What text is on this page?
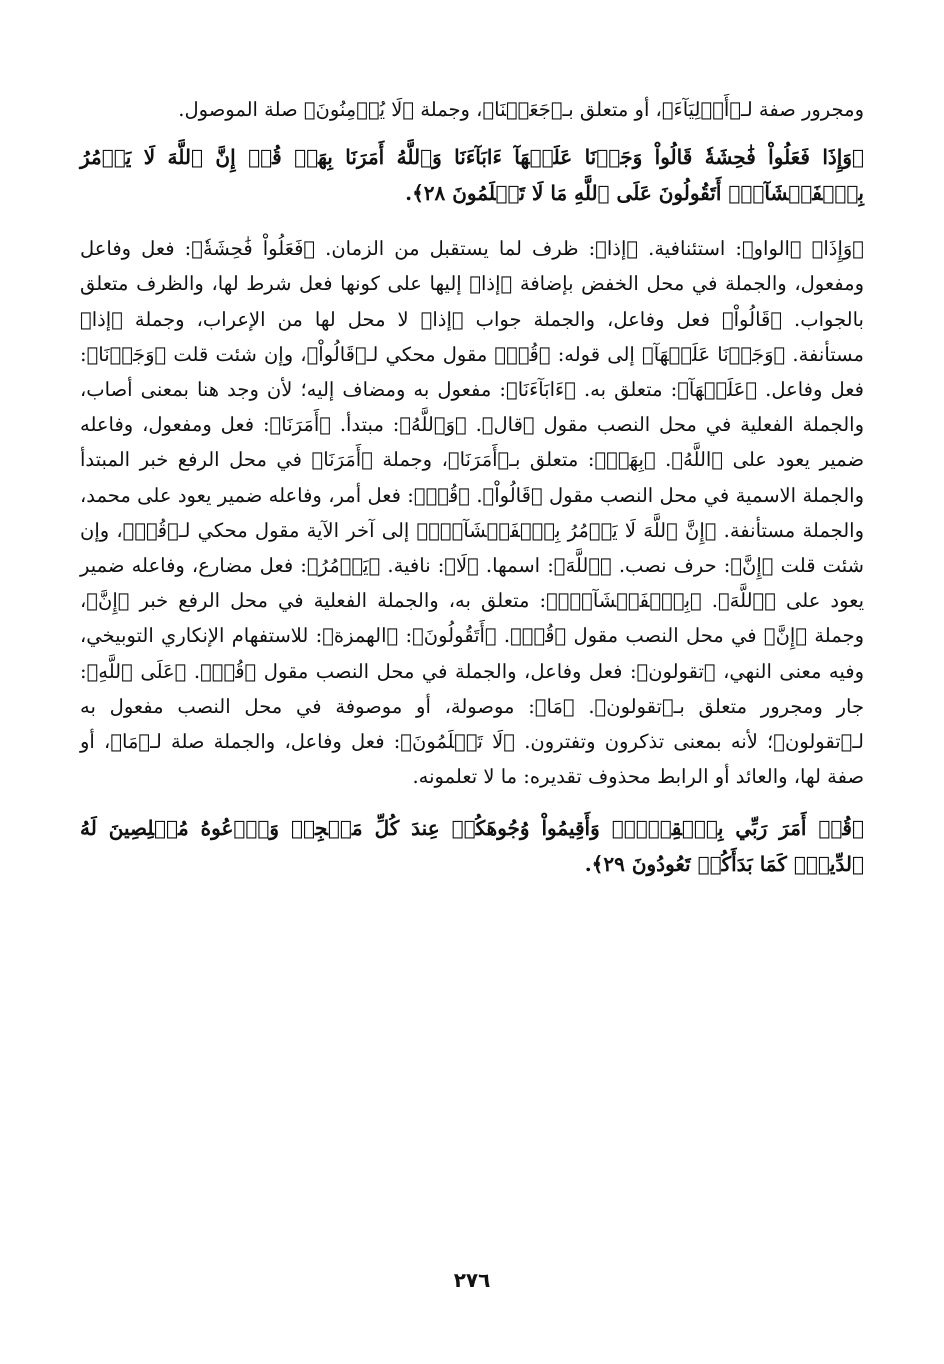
ومجرور صفة لـ﴿أَوۡلِيَآءَ﴾، أو متعلق بـ﴿جَعَلۡنَا﴾، وجملة ﴿لَا يُؤۡمِنُونَ﴾ صلة الموصول.

﴿وَإِذَا فَعَلُواْ فَٰحِشَةٗ قَالُواْ وَجَدۡنَا عَلَيۡهَآ ءَابَآءَنَا وَٱللَّهُ أَمَرَنَا بِهَاۗ قُلۡ إِنَّ ٱللَّهَ لَا يَأۡمُرُ بِٱلۡفَحۡشَآءِۖ أَتَقُولُونَ عَلَى ٱللَّهِ مَا لَا تَعۡلَمُونَ ٢٨﴾.

﴿وَإِذَا﴾ ﴿الواو﴾: استئنافية. ﴿إذا﴾: ظرف لما يستقبل من الزمان. ﴿فَعَلُواْ فَٰحِشَةٗ﴾: فعل وفاعل ومفعول، والجملة في محل الخفض بإضافة ﴿إذا﴾ إليها على كونها فعل شرط لها، والظرف متعلق بالجواب. ﴿قَالُواْ﴾ فعل وفاعل، والجملة جواب ﴿إذا﴾ لا محل لها من الإعراب، وجملة ﴿إذا﴾ مستأنفة. ﴿وَجَدۡنَا عَلَيۡهَآ﴾ إلى قوله: ﴿قُلۡ﴾ مقول محكي لـ﴿قَالُواْ﴾، وإن شئت قلت ﴿وَجَدۡنَا﴾: فعل وفاعل. ﴿عَلَيۡهَآ﴾: متعلق به. ﴿ءَابَآءَنَا﴾: مفعول به ومضاف إليه؛ لأن وجد هنا بمعنى أصاب، والجملة الفعلية في محل النصب مقول ﴿قال﴾. ﴿وَٱللَّهُ﴾: مبتدأ. ﴿أَمَرَنَا﴾: فعل ومفعول، وفاعله ضمير يعود على ﴿اللَّهُ﴾. ﴿بِهَاۗ﴾: متعلق بـ﴿أَمَرَنَا﴾، وجملة ﴿أَمَرَنَا﴾ في محل الرفع خبر المبتدأ والجملة الاسمية في محل النصب مقول ﴿قَالُواْ﴾. ﴿قُلۡ﴾: فعل أمر، وفاعله ضمير يعود على محمد، والجملة مستأنفة. ﴿إِنَّ ٱللَّهَ لَا يَأۡمُرُ بِٱلۡفَحۡشَآءِۖ﴾ إلى آخر الآية مقول محكي لـ﴿قُلۡ﴾، وإن شئت قلت ﴿إِنَّ﴾: حرف نصب. ﴿ٱللَّهَ﴾: اسمها. ﴿لَا﴾: نافية. ﴿يَأۡمُرُ﴾: فعل مضارع، وفاعله ضمير يعود على ﴿ٱللَّهَ﴾. ﴿بِٱلۡفَحۡشَآءِۖ﴾: متعلق به، والجملة الفعلية في محل الرفع خبر ﴿إِنَّ﴾، وجملة ﴿إِنَّ﴾ في محل النصب مقول ﴿قُلۡ﴾. ﴿أَتَقُولُونَ﴾: ﴿الهمزة﴾: للاستفهام الإنكاري التوبيخي، وفيه معنى النهي، ﴿تقولون﴾: فعل وفاعل، والجملة في محل النصب مقول ﴿قُلۡ﴾. ﴿عَلَى ٱللَّهِ﴾: جار ومجرور متعلق بـ﴿تقولون﴾. ﴿مَا﴾: موصولة، أو موصوفة في محل النصب مفعول به لـ﴿تقولون﴾؛ لأنه بمعنى تذكرون وتفترون. ﴿لَا تَعۡلَمُونَ﴾: فعل وفاعل، والجملة صلة لـ﴿مَا﴾، أو صفة لها، والعائد أو الرابط محذوف تقديره: ما لا تعلمونه.

﴿قُلۡ أَمَرَ رَبِّي بِٱلۡقِسۡطِۖ وَأَقِيمُواْ وُجُوهَكُمۡ عِندَ كُلِّ مَسۡجِدٖ وَٱدۡعُوهُ مُخۡلِصِينَ لَهُ ٱلدِّينَۚ كَمَا بَدَأَكُمۡ تَعُودُونَ ٢٩﴾.

٢٧٦
